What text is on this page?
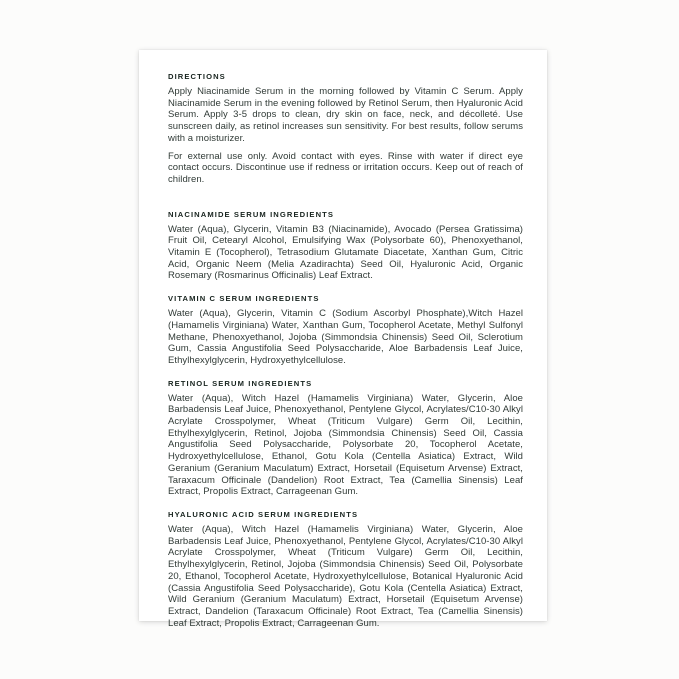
DIRECTIONS

Apply Niacinamide Serum in the morning followed by Vitamin C Serum. Apply Niacinamide Serum in the evening followed by Retinol Serum, then Hyaluronic Acid Serum. Apply 3-5 drops to clean, dry skin on face, neck, and décolleté. Use sunscreen daily, as retinol increases sun sensitivity. For best results, follow serums with a moisturizer.

For external use only. Avoid contact with eyes. Rinse with water if direct eye contact occurs. Discontinue use if redness or irritation occurs. Keep out of reach of children.

NIACINAMIDE SERUM INGREDIENTS

Water (Aqua), Glycerin, Vitamin B3 (Niacinamide), Avocado (Persea Gratissima) Fruit Oil, Cetearyl Alcohol, Emulsifying Wax (Polysorbate 60), Phenoxyethanol, Vitamin E (Tocopherol), Tetrasodium Glutamate Diacetate, Xanthan Gum, Citric Acid, Organic Neem (Melia Azadirachta) Seed Oil, Hyaluronic Acid, Organic Rosemary (Rosmarinus Officinalis) Leaf Extract.

VITAMIN C SERUM INGREDIENTS

Water (Aqua), Glycerin, Vitamin C (Sodium Ascorbyl Phosphate),Witch Hazel (Hamamelis Virginiana) Water, Xanthan Gum, Tocopherol Acetate, Methyl Sulfonyl Methane, Phenoxyethanol, Jojoba (Simmondsia Chinensis) Seed Oil, Sclerotium Gum, Cassia Angustifolia Seed Polysaccharide, Aloe Barbadensis Leaf Juice, Ethylhexylglycerin, Hydroxyethylcellulose.

RETINOL SERUM INGREDIENTS

Water (Aqua), Witch Hazel (Hamamelis Virginiana) Water, Glycerin, Aloe Barbadensis Leaf Juice, Phenoxyethanol, Pentylene Glycol, Acrylates/C10-30 Alkyl Acrylate Crosspolymer, Wheat (Triticum Vulgare) Germ Oil, Lecithin, Ethylhexylglycerin, Retinol, Jojoba (Simmondsia Chinensis) Seed Oil, Cassia Angustifolia Seed Polysaccharide, Polysorbate 20, Tocopherol Acetate, Hydroxyethylcellulose, Ethanol, Gotu Kola (Centella Asiatica) Extract, Wild Geranium (Geranium Maculatum) Extract, Horsetail (Equisetum Arvense) Extract, Taraxacum Officinale (Dandelion) Root Extract, Tea (Camellia Sinensis) Leaf Extract, Propolis Extract, Carrageenan Gum.

HYALURONIC ACID SERUM INGREDIENTS

Water (Aqua), Witch Hazel (Hamamelis Virginiana) Water, Glycerin, Aloe Barbadensis Leaf Juice, Phenoxyethanol, Pentylene Glycol, Acrylates/C10-30 Alkyl Acrylate Crosspolymer, Wheat (Triticum Vulgare) Germ Oil, Lecithin, Ethylhexylglycerin, Retinol, Jojoba (Simmondsia Chinensis) Seed Oil, Polysorbate 20, Ethanol, Tocopherol Acetate, Hydroxyethylcellulose, Botanical Hyaluronic Acid (Cassia Angustifolia Seed Polysaccharide), Gotu Kola (Centella Asiatica) Extract, Wild Geranium (Geranium Maculatum) Extract, Horsetail (Equisetum Arvense) Extract, Dandelion (Taraxacum Officinale) Root Extract, Tea (Camellia Sinensis) Leaf Extract, Propolis Extract, Carrageenan Gum.
